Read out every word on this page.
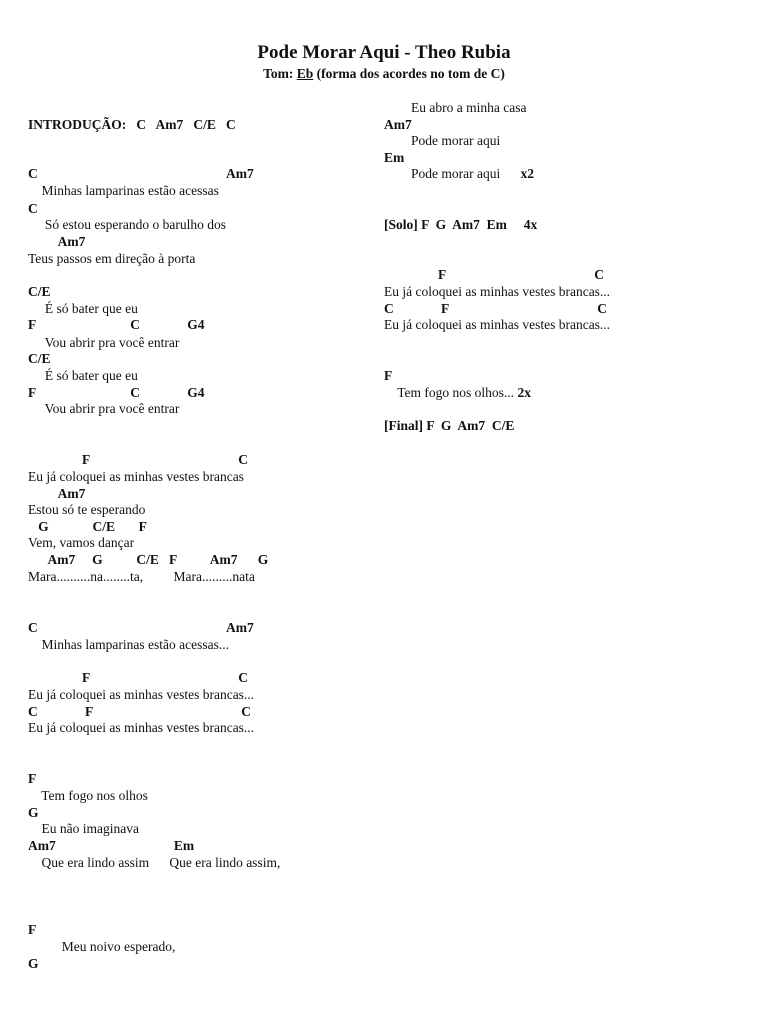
Pode Morar Aqui - Theo Rubia
Tom: Eb (forma dos acordes no tom de C)
INTRODUÇÃO:   C   Am7   C/E   C
C                                                        Am7
Minhas lamparinas estão acessas
C
Só estou esperando o barulho dos
Am7
Teus passos em direção à porta
C/E
É só bater que eu
F                            C              G4
Vou abrir pra você entrar
C/E
É só bater que eu
F                            C              G4
Vou abrir pra você entrar
F                                            C
Eu já coloquei as minhas vestes brancas
Am7
Estou só te esperando
G             C/E       F
Vem, vamos dançar
Am7     G          C/E   F          Am7      G
Mara..........na........ta,         Mara.........nata
C                                                        Am7
Minhas lamparinas estão acessas...
F                                            C
Eu já coloquei as minhas vestes brancas...
C              F                                            C
Eu já coloquei as minhas vestes brancas...
F
Tem fogo nos olhos
G
Eu não imaginava
Am7                                   Em
Que era lindo assim      Que era lindo assim,
F
Meu noivo esperado,
G
Eu abro a minha casa
Am7
Pode morar aqui
Em
Pode morar aqui      x2
[Solo] F  G  Am7  Em     4x
F                                            C
Eu já coloquei as minhas vestes brancas...
C              F                                            C
Eu já coloquei as minhas vestes brancas...
F
Tem fogo nos olhos... 2x
[Final] F  G  Am7  C/E
